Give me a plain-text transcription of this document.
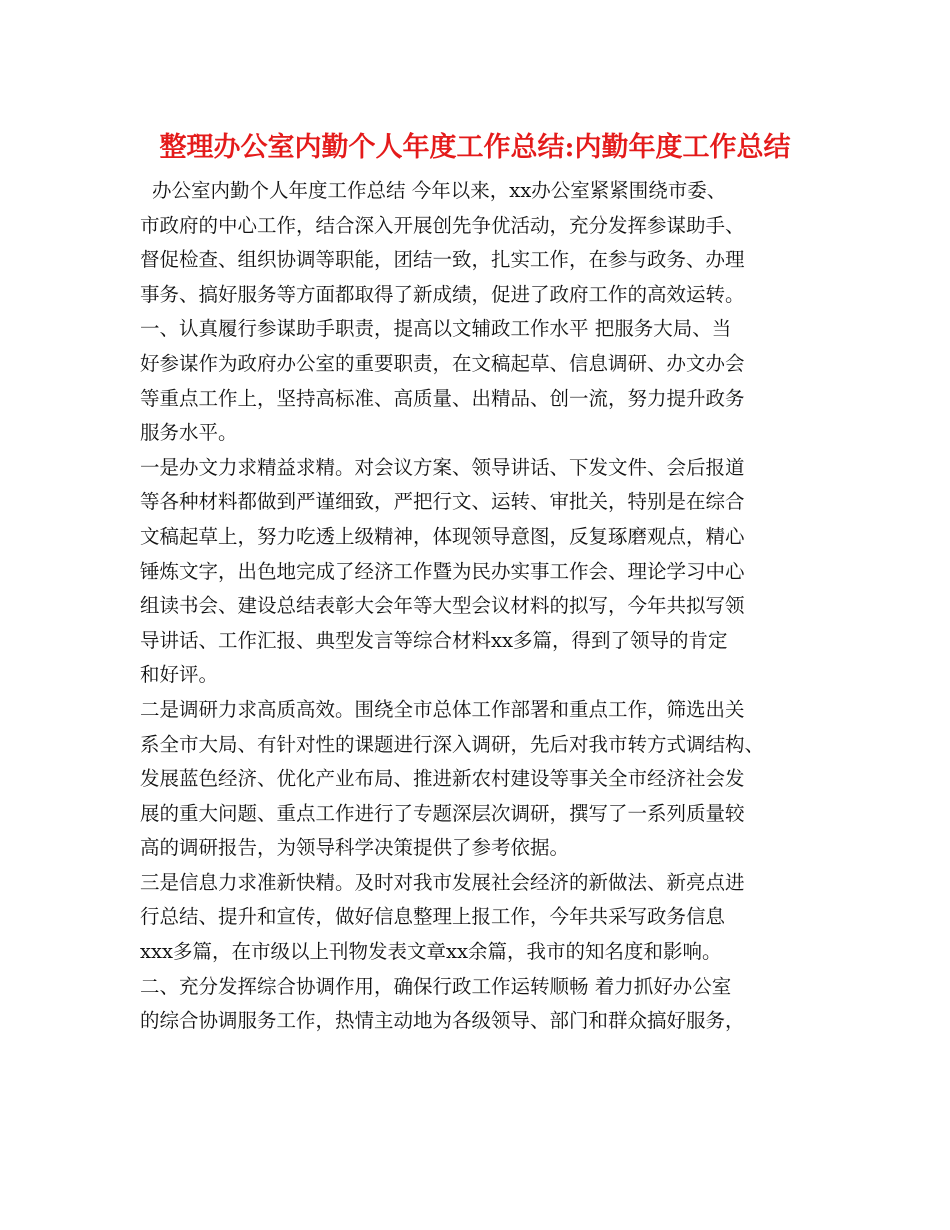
整理办公室内勤个人年度工作总结:内勤年度工作总结
办公室内勤个人年度工作总结 今年以来，xx办公室紧紧围绕市委、
市政府的中心工作，结合深入开展创先争优活动，充分发挥参谋助手、
督促检查、组织协调等职能，团结一致，扎实工作，在参与政务、办理
事务、搞好服务等方面都取得了新成绩，促进了政府工作的高效运转。
一、认真履行参谋助手职责，提高以文辅政工作水平 把服务大局、当
好参谋作为政府办公室的重要职责，在文稿起草、信息调研、办文办会
等重点工作上，坚持高标准、高质量、出精品、创一流，努力提升政务
服务水平。
一是办文力求精益求精。对会议方案、领导讲话、下发文件、会后报道
等各种材料都做到严谨细致，严把行文、运转、审批关，特别是在综合
文稿起草上，努力吃透上级精神，体现领导意图，反复琢磨观点，精心
锤炼文字，出色地完成了经济工作暨为民办实事工作会、理论学习中心
组读书会、建设总结表彰大会年等大型会议材料的拟写，今年共拟写领
导讲话、工作汇报、典型发言等综合材料xx多篇，得到了领导的肯定
和好评。
二是调研力求高质高效。围绕全市总体工作部署和重点工作，筛选出关
系全市大局、有针对性的课题进行深入调研，先后对我市转方式调结构、
发展蓝色经济、优化产业布局、推进新农村建设等事关全市经济社会发
展的重大问题、重点工作进行了专题深层次调研，撰写了一系列质量较
高的调研报告，为领导科学决策提供了参考依据。
三是信息力求准新快精。及时对我市发展社会经济的新做法、新亮点进
行总结、提升和宣传，做好信息整理上报工作，今年共采写政务信息
xxx多篇，在市级以上刊物发表文章xx余篇，我市的知名度和影响。
二、充分发挥综合协调作用，确保行政工作运转顺畅 着力抓好办公室
的综合协调服务工作，热情主动地为各级领导、部门和群众搞好服务，
